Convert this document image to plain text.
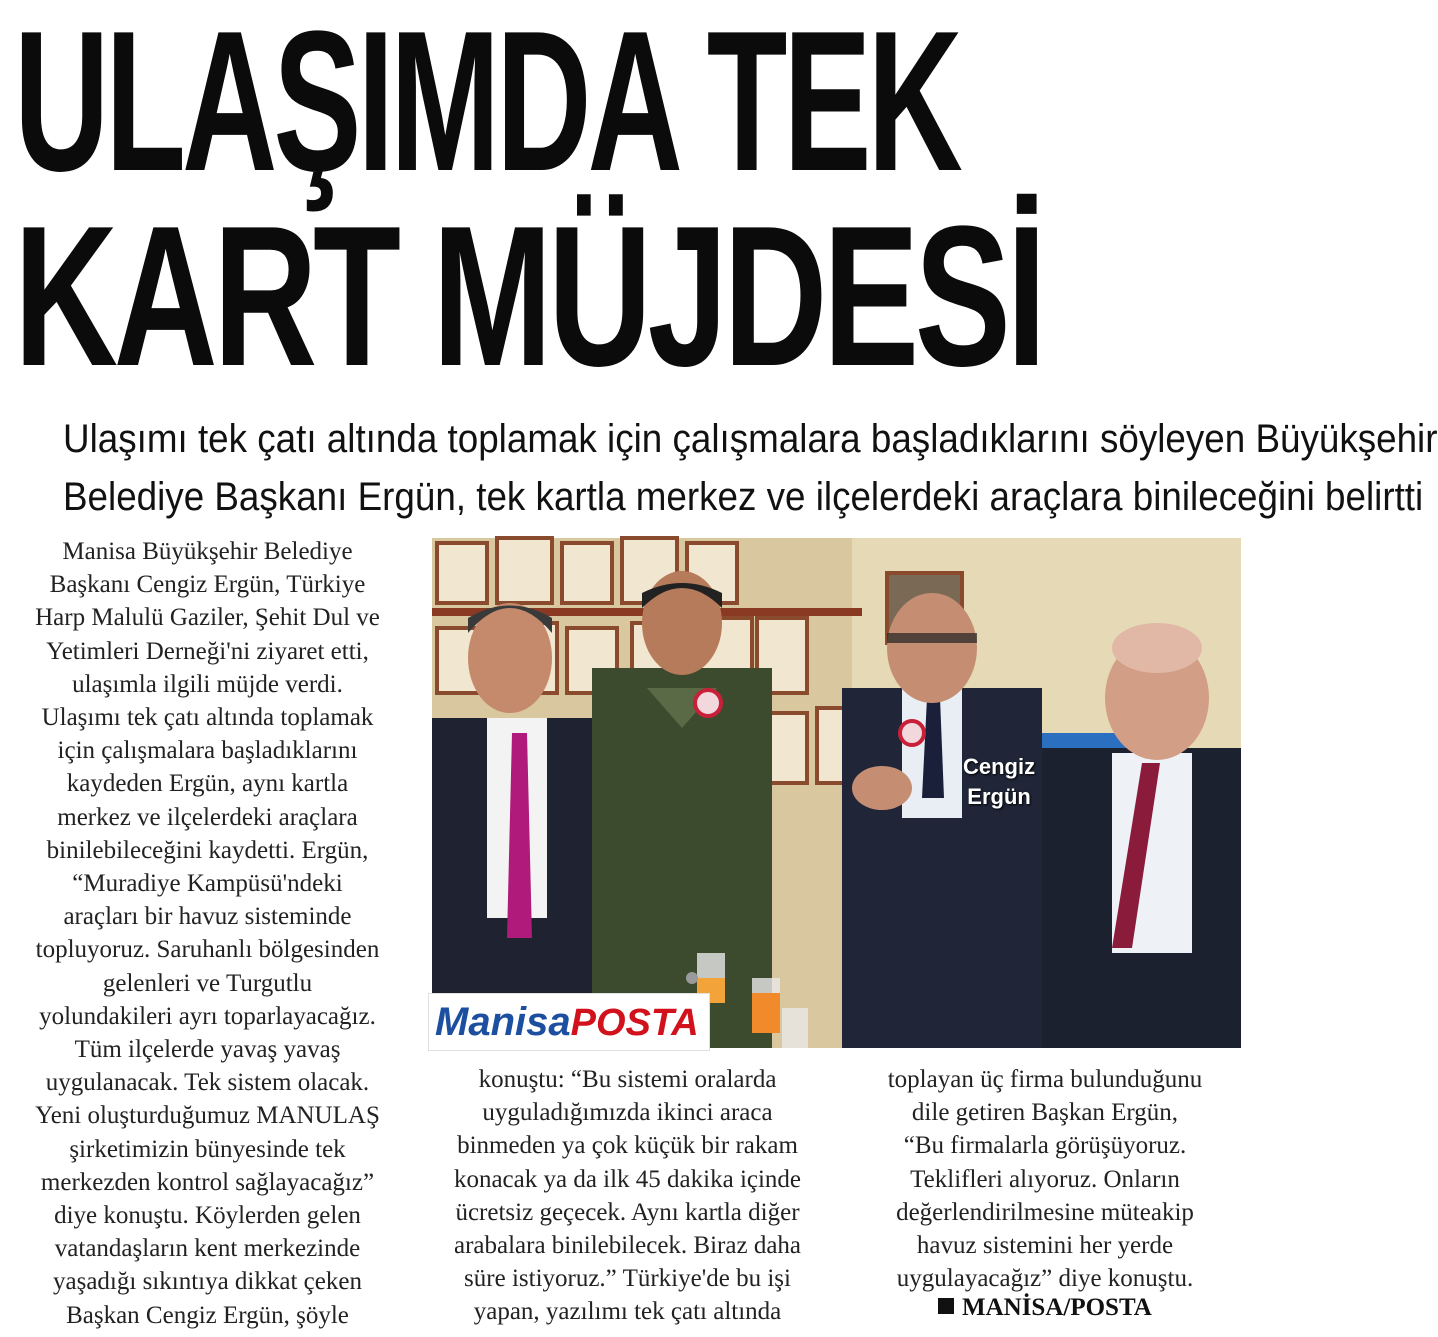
ULAŞIMDA TEK
KART MÜJDESİ
Ulaşımı tek çatı altında toplamak için çalışmalara başladıklarını söyleyen Büyükşehir
Belediye Başkanı Ergün, tek kartla merkez ve ilçelerdeki araçlara binileceğini belirtti
Manisa Büyükşehir Belediye
Başkanı Cengiz Ergün, Türkiye
Harp Malulü Gaziler, Şehit Dul ve
Yetimleri Derneği'ni ziyaret etti,
ulaşımla ilgili müjde verdi.
Ulaşımı tek çatı altında toplamak
için çalışmalara başladıklarını
kaydeden Ergün, aynı kartla
merkez ve ilçelerdeki araçlara
binilebileceğini kaydetti. Ergün,
“Muradiye Kampüsü'ndeki
araçları bir havuz sisteminde
topluyoruz. Saruhanlı bölgesinden
gelenleri ve Turgutlu
yolundakileri ayrı toparlayacağız.
Tüm ilçelerde yavaş yavaş
uygulanacak. Tek sistem olacak.
Yeni oluşturduğumuz MANULAŞ
şirketimizin bünyesinde tek
merkezden kontrol sağlayacağız”
diye konuştu. Köylerden gelen
vatandaşların kent merkezinde
yaşadığı sıkıntıya dikkat çeken
Başkan Cengiz Ergün, şöyle
Cengiz
Ergün
ManisaPOSTA
konuştu: “Bu sistemi oralarda
uyguladığımızda ikinci araca
binmeden ya çok küçük bir rakam
konacak ya da ilk 45 dakika içinde
ücretsiz geçecek. Aynı kartla diğer
arabalara binilebilecek. Biraz daha
süre istiyoruz.” Türkiye'de bu işi
yapan, yazılımı tek çatı altında
toplayan üç firma bulunduğunu
dile getiren Başkan Ergün,
“Bu firmalarla görüşüyoruz.
Teklifleri alıyoruz. Onların
değerlendirilmesine müteakip
havuz sistemini her yerde
uygulayacağız” diye konuştu.
MANİSA/POSTA
